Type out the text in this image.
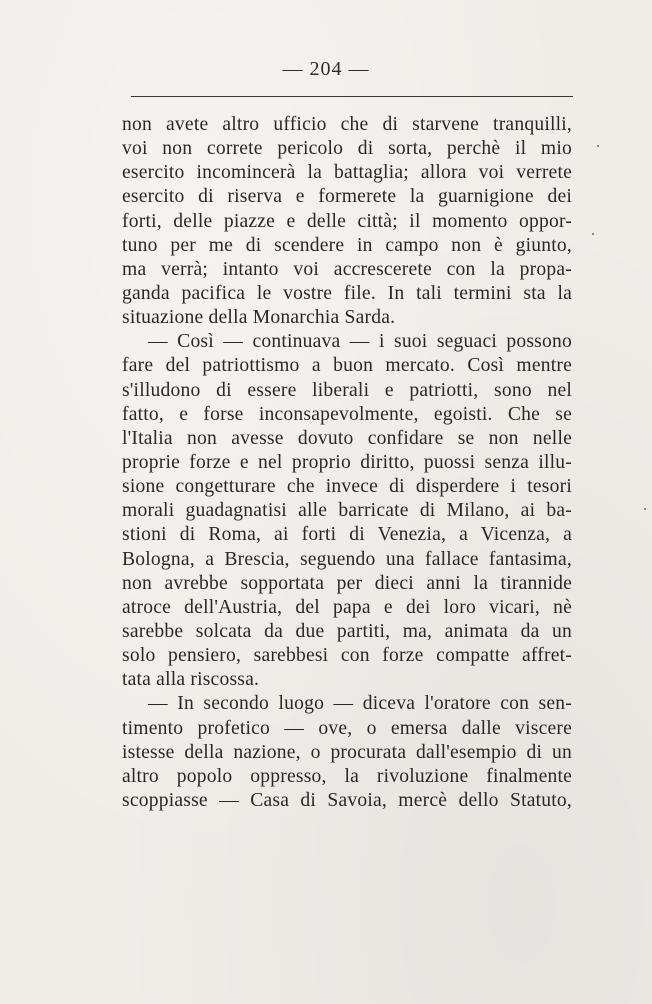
— 204 —
non avete altro ufficio che di starvene tranquilli,
voi non correte pericolo di sorta, perchè il mio
esercito incomincerà la battaglia; allora voi verrete
esercito di riserva e formerete la guarnigione dei
forti, delle piazze e delle città; il momento oppor-
tuno per me di scendere in campo non è giunto,
ma verrà; intanto voi accrescerete con la propa-
ganda pacifica le vostre file. In tali termini sta la
situazione della Monarchia Sarda.
— Così — continuava — i suoi seguaci possono
fare del patriottismo a buon mercato. Così mentre
s'illudono di essere liberali e patriotti, sono nel
fatto, e forse inconsapevolmente, egoisti. Che se
l'Italia non avesse dovuto confidare se non nelle
proprie forze e nel proprio diritto, puossi senza illu-
sione congetturare che invece di disperdere i tesori
morali guadagnatisi alle barricate di Milano, ai ba-
stioni di Roma, ai forti di Venezia, a Vicenza, a
Bologna, a Brescia, seguendo una fallace fantasima,
non avrebbe sopportata per dieci anni la tirannide
atroce dell'Austria, del papa e dei loro vicari, nè
sarebbe solcata da due partiti, ma, animata da un
solo pensiero, sarebbesi con forze compatte affret-
tata alla riscossa.
— In secondo luogo — diceva l'oratore con sen-
timento profetico — ove, o emersa dalle viscere
istesse della nazione, o procurata dall'esempio di un
altro popolo oppresso, la rivoluzione finalmente
scoppiasse — Casa di Savoia, mercè dello Statuto,
